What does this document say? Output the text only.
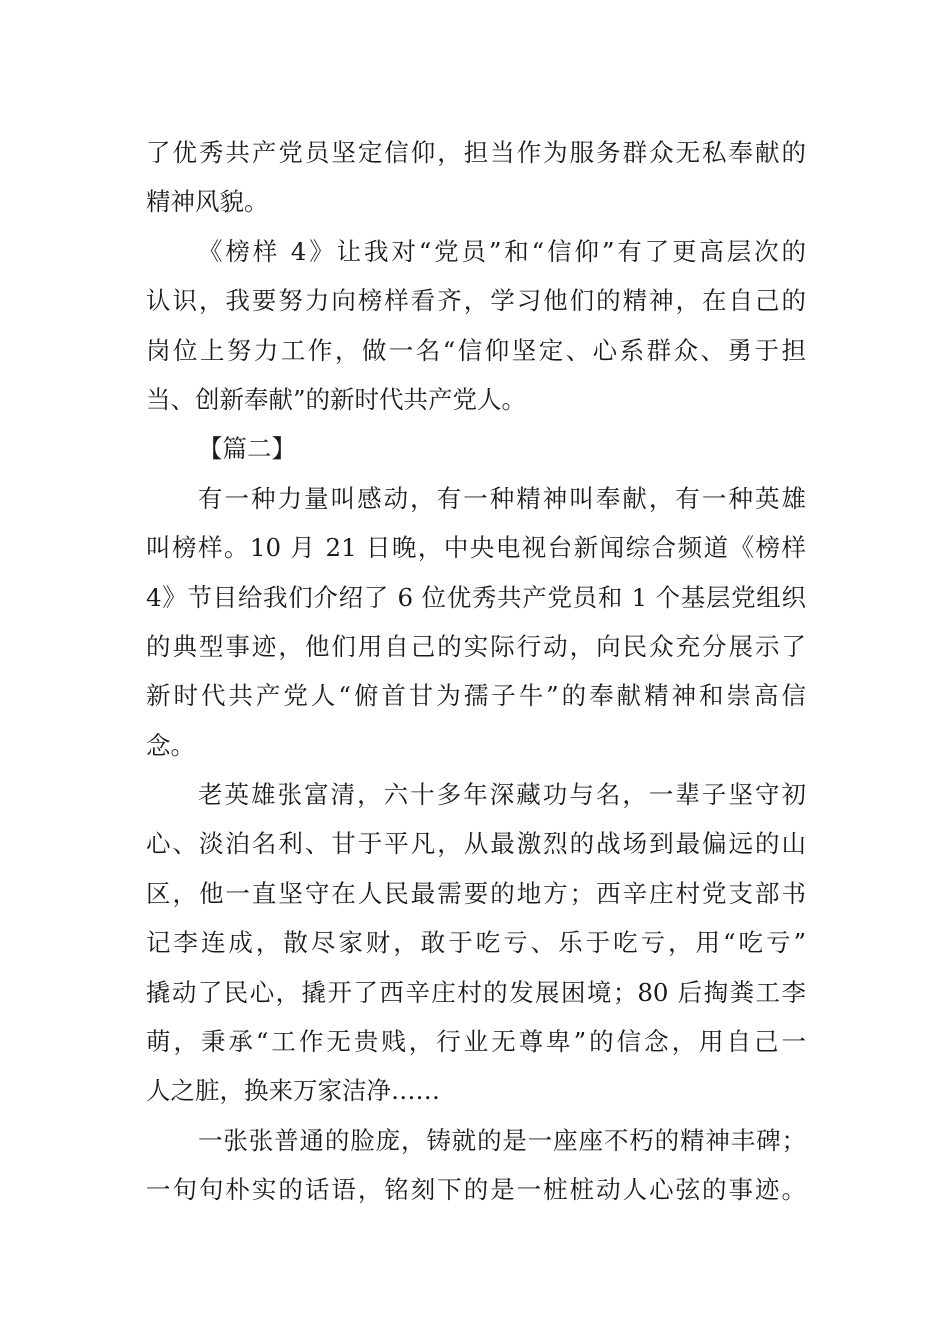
了优秀共产党员坚定信仰，担当作为服务群众无私奉献的
精神风貌。
《榜样 4》让我对“党员”和“信仰”有了更高层次的
认识，我要努力向榜样看齐，学习他们的精神，在自己的
岗位上努力工作，做一名“信仰坚定、心系群众、勇于担
当、创新奉献”的新时代共产党人。
【篇二】
有一种力量叫感动，有一种精神叫奉献，有一种英雄
叫榜样。10 月 21 日晚，中央电视台新闻综合频道《榜样
4》节目给我们介绍了 6 位优秀共产党员和 1 个基层党组织
的典型事迹，他们用自己的实际行动，向民众充分展示了
新时代共产党人“俯首甘为孺子牛”的奉献精神和崇高信
念。
老英雄张富清，六十多年深藏功与名，一辈子坚守初
心、淡泊名利、甘于平凡，从最激烈的战场到最偏远的山
区，他一直坚守在人民最需要的地方；西辛庄村党支部书
记李连成，散尽家财，敢于吃亏、乐于吃亏，用“吃亏”
撬动了民心，撬开了西辛庄村的发展困境；80 后掏粪工李
萌，秉承“工作无贵贱，行业无尊卑”的信念，用自己一
人之脏，换来万家洁净……
一张张普通的脸庞，铸就的是一座座不朽的精神丰碑；
一句句朴实的话语，铭刻下的是一桩桩动人心弦的事迹。
